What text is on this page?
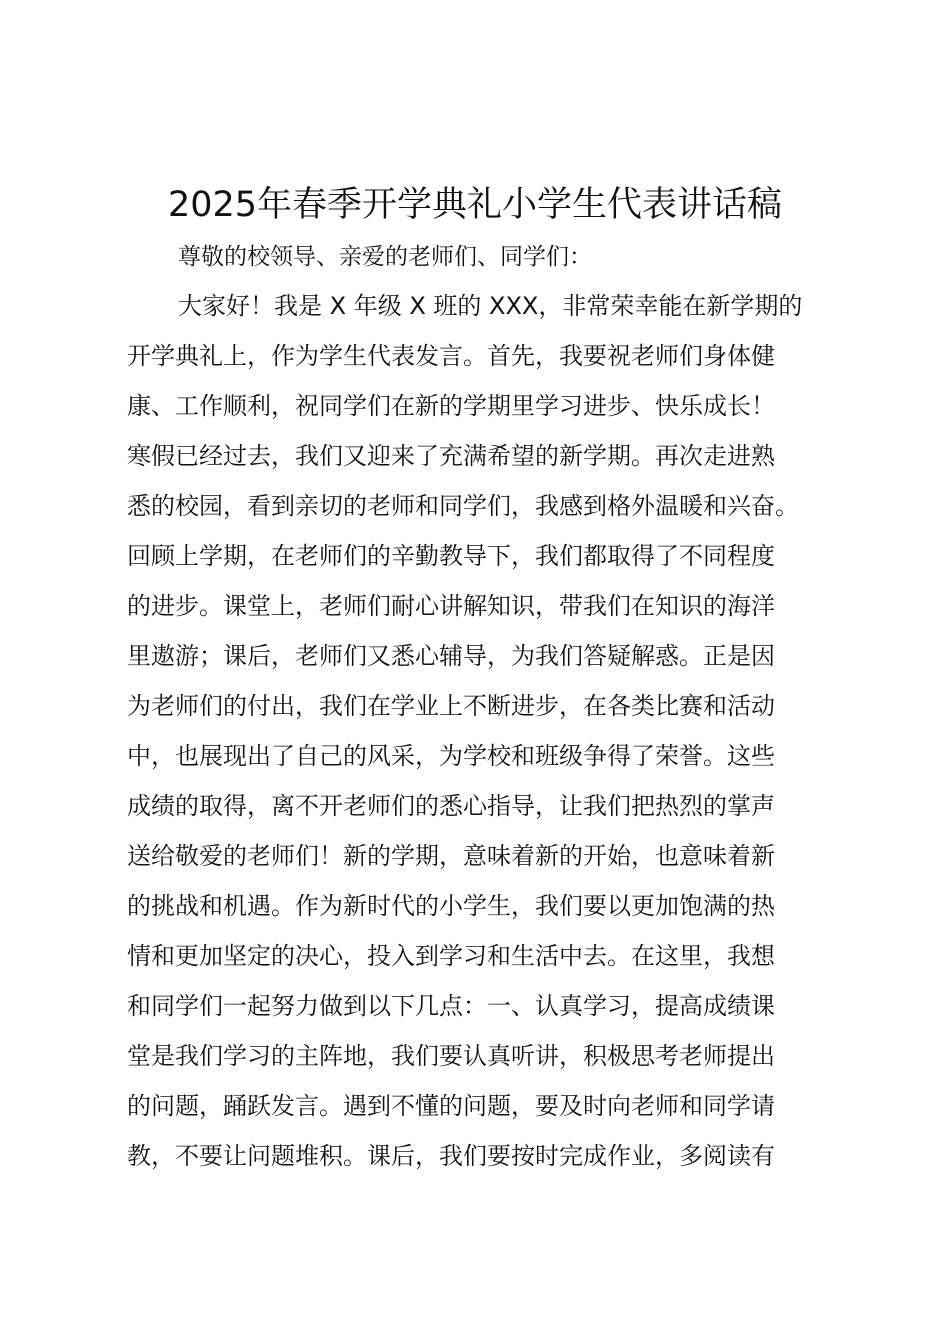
2025年春季开学典礼小学生代表讲话稿

尊敬的校领导、亲爱的老师们、同学们：

大家好！我是 X 年级 X 班的 XXX，非常荣幸能在新学期的

开学典礼上，作为学生代表发言。首先，我要祝老师们身体健

康、工作顺利，祝同学们在新的学期里学习进步、快乐成长！

寒假已经过去，我们又迎来了充满希望的新学期。再次走进熟

悉的校园，看到亲切的老师和同学们，我感到格外温暖和兴奋。

回顾上学期，在老师们的辛勤教导下，我们都取得了不同程度

的进步。课堂上，老师们耐心讲解知识，带我们在知识的海洋

里遨游；课后，老师们又悉心辅导，为我们答疑解惑。正是因

为老师们的付出，我们在学业上不断进步，在各类比赛和活动

中，也展现出了自己的风采，为学校和班级争得了荣誉。这些

成绩的取得，离不开老师们的悉心指导，让我们把热烈的掌声

送给敬爱的老师们！新的学期，意味着新的开始，也意味着新

的挑战和机遇。作为新时代的小学生，我们要以更加饱满的热

情和更加坚定的决心，投入到学习和生活中去。在这里，我想

和同学们一起努力做到以下几点：一、认真学习，提高成绩课

堂是我们学习的主阵地，我们要认真听讲，积极思考老师提出

的问题，踊跃发言。遇到不懂的问题，要及时向老师和同学请

教，不要让问题堆积。课后，我们要按时完成作业，多阅读有
